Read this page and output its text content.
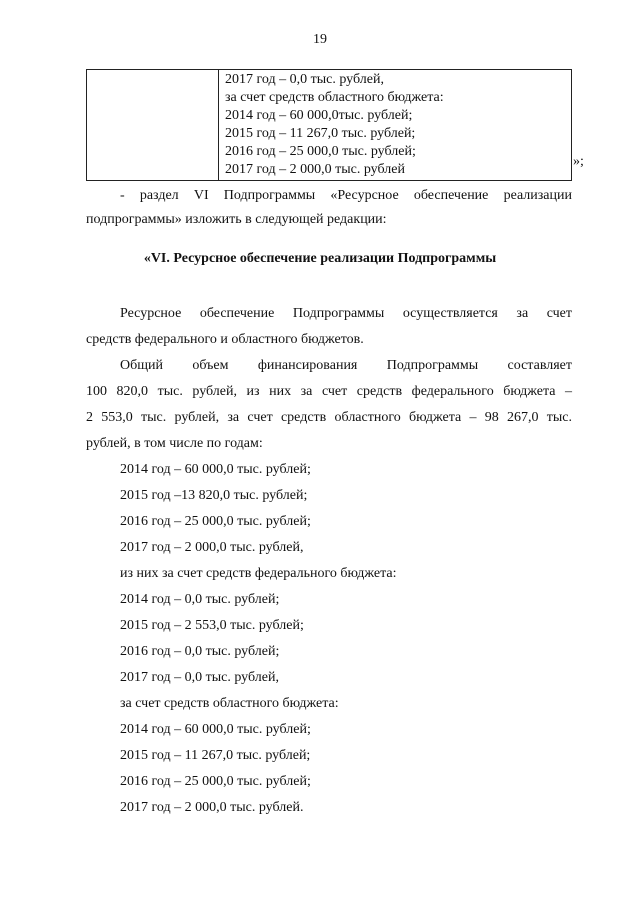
19

2017 год – 0,0 тыс. рублей,
за счет средств областного бюджета:
2014 год – 60 000,0тыс. рублей;
2015 год – 11 267,0 тыс. рублей;
2016 год – 25 000,0 тыс. рублей;
2017 год – 2 000,0 тыс. рублей
»;
- раздел VI Подпрограммы «Ресурсное обеспечение реализации
подпрограммы» изложить в следующей редакции:
«VI. Ресурсное обеспечение реализации Подпрограммы
Ресурсное обеспечение Подпрограммы осуществляется за счет
средств федерального и областного бюджетов.
Общий объем финансирования Подпрограммы составляет
100 820,0 тыс. рублей, из них за счет средств федерального бюджета –
2 553,0 тыс. рублей, за счет средств областного бюджета – 98 267,0 тыс.
рублей, в том числе по годам:
2014 год – 60 000,0 тыс. рублей;
2015 год –13 820,0 тыс. рублей;
2016 год – 25 000,0 тыс. рублей;
2017 год – 2 000,0 тыс. рублей,
из них за счет средств федерального бюджета:
2014 год – 0,0 тыс. рублей;
2015 год – 2 553,0 тыс. рублей;
2016 год – 0,0 тыс. рублей;
2017 год – 0,0 тыс. рублей,
за счет средств областного бюджета:
2014 год – 60 000,0 тыс. рублей;
2015 год – 11 267,0 тыс. рублей;
2016 год – 25 000,0 тыс. рублей;
2017 год – 2 000,0 тыс. рублей.
